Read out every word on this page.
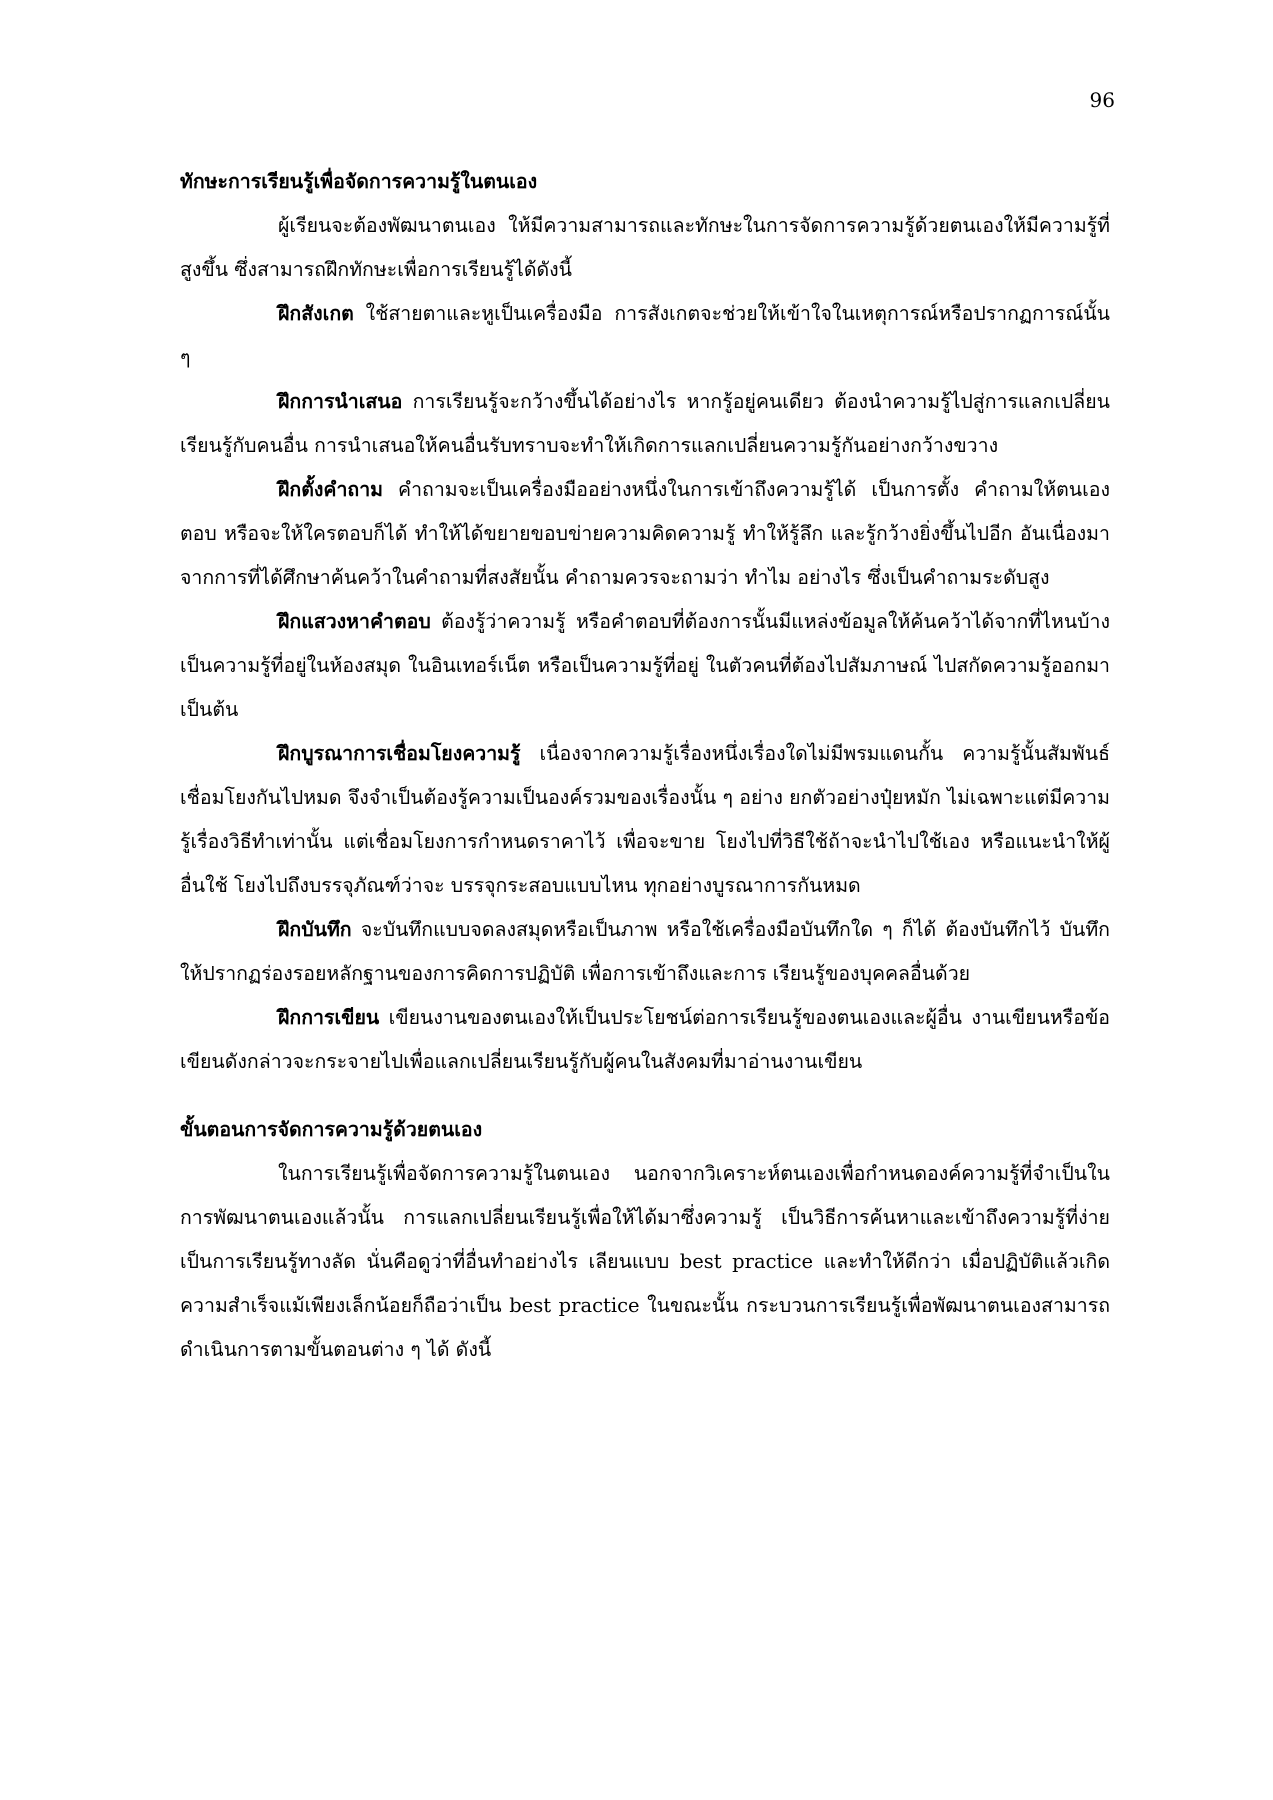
96

ทักษะการเรียนรู้เพื่อจัดการความรู้ในตนเอง

ผู้เรียนจะต้องพัฒนาตนเอง ให้มีความสามารถและทักษะในการจัดการความรู้ด้วยตนเองให้มีความรู้ที่สูงขึ้น ซึ่งสามารถฝึกทักษะเพื่อการเรียนรู้ได้ดังนี้

ฝึกสังเกต ใช้สายตาและหูเป็นเครื่องมือ การสังเกตจะช่วยให้เข้าใจในเหตุการณ์หรือปรากฏการณ์นั้น ๆ

ฝึกการนำเสนอ การเรียนรู้จะกว้างขึ้นได้อย่างไร หากรู้อยู่คนเดียว ต้องนำความรู้ไปสู่การแลกเปลี่ยนเรียนรู้กับคนอื่น การนำเสนอให้คนอื่นรับทราบจะทำให้เกิดการแลกเปลี่ยนความรู้กันอย่างกว้างขวาง

ฝึกตั้งคำถาม คำถามจะเป็นเครื่องมืออย่างหนึ่งในการเข้าถึงความรู้ได้ เป็นการตั้ง คำถามให้ตนเองตอบ หรือจะให้ใครตอบก็ได้ ทำให้ได้ขยายขอบข่ายความคิดความรู้ ทำให้รู้ลึก และรู้กว้างยิ่งขึ้นไปอีก อันเนื่องมาจากการที่ได้ศึกษาค้นคว้าในคำถามที่สงสัยนั้น คำถามควรจะถามว่า ทำไม อย่างไร ซึ่งเป็นคำถามระดับสูง

ฝึกแสวงหาคำตอบ ต้องรู้ว่าความรู้ หรือคำตอบที่ต้องการนั้นมีแหล่งข้อมูลให้ค้นคว้าได้จากที่ไหนบ้าง เป็นความรู้ที่อยู่ในห้องสมุด ในอินเทอร์เน็ต หรือเป็นความรู้ที่อยู่ ในตัวคนที่ต้องไปสัมภาษณ์ ไปสกัดความรู้ออกมา เป็นต้น

ฝึกบูรณาการเชื่อมโยงความรู้ เนื่องจากความรู้เรื่องหนึ่งเรื่องใดไม่มีพรมแดนกั้น ความรู้นั้นสัมพันธ์เชื่อมโยงกันไปหมด จึงจำเป็นต้องรู้ความเป็นองค์รวมของเรื่องนั้น ๆ อย่าง ยกตัวอย่างปุ๋ยหมัก ไม่เฉพาะแต่มีความรู้เรื่องวิธีทำเท่านั้น แต่เชื่อมโยงการกำหนดราคาไว้ เพื่อจะขาย โยงไปที่วิธีใช้ถ้าจะนำไปใช้เอง หรือแนะนำให้ผู้อื่นใช้ โยงไปถึงบรรจุภัณฑ์ว่าจะ บรรจุกระสอบแบบไหน ทุกอย่างบูรณาการกันหมด

ฝึกบันทึก จะบันทึกแบบจดลงสมุดหรือเป็นภาพ หรือใช้เครื่องมือบันทึกใด ๆ ก็ได้ ต้องบันทึกไว้ บันทึกให้ปรากฏร่องรอยหลักฐานของการคิดการปฏิบัติ เพื่อการเข้าถึงและการ เรียนรู้ของบุคคลอื่นด้วย

ฝึกการเขียน เขียนงานของตนเองให้เป็นประโยชน์ต่อการเรียนรู้ของตนเองและผู้อื่น งานเขียนหรือข้อเขียนดังกล่าวจะกระจายไปเพื่อแลกเปลี่ยนเรียนรู้กับผู้คนในสังคมที่มาอ่านงานเขียน

ขั้นตอนการจัดการความรู้ด้วยตนเอง

ในการเรียนรู้เพื่อจัดการความรู้ในตนเอง นอกจากวิเคราะห์ตนเองเพื่อกำหนดองค์ความรู้ที่จำเป็นในการพัฒนาตนเองแล้วนั้น การแลกเปลี่ยนเรียนรู้เพื่อให้ได้มาซึ่งความรู้ เป็นวิธีการค้นหาและเข้าถึงความรู้ที่ง่ายเป็นการเรียนรู้ทางลัด นั่นคือดูว่าที่อื่นทำอย่างไร เลียนแบบ best practice และทำให้ดีกว่า เมื่อปฏิบัติแล้วเกิดความสำเร็จแม้เพียงเล็กน้อยก็ถือว่าเป็น best practice ในขณะนั้น กระบวนการเรียนรู้เพื่อพัฒนาตนเองสามารถดำเนินการตามขั้นตอนต่าง ๆ ได้ ดังนี้
